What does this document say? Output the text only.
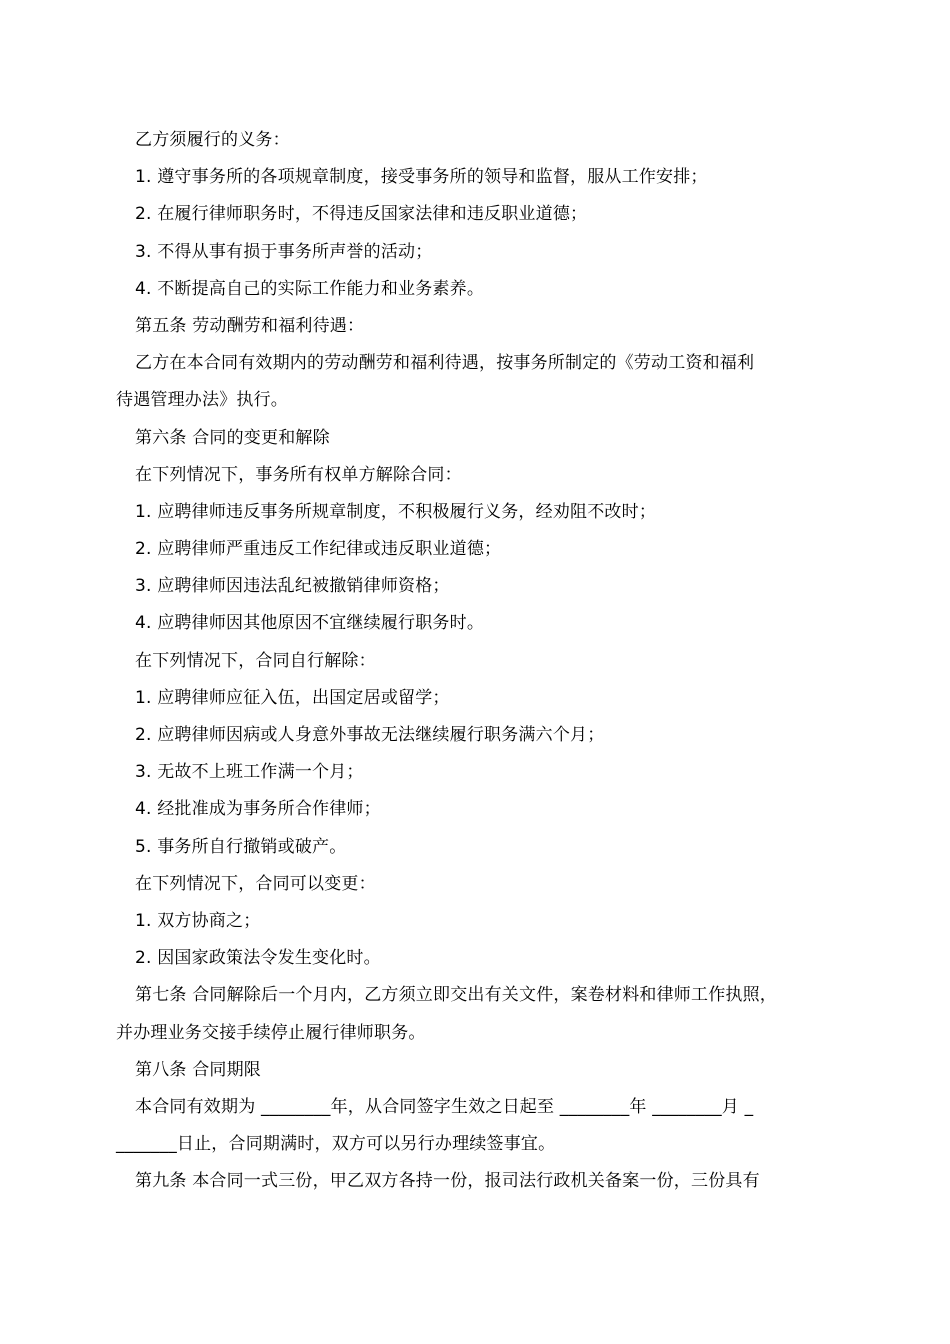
乙方须履行的义务：
1. 遵守事务所的各项规章制度，接受事务所的领导和监督，服从工作安排；
2. 在履行律师职务时，不得违反国家法律和违反职业道德；
3. 不得从事有损于事务所声誉的活动；
4. 不断提高自己的实际工作能力和业务素养。
第五条 劳动酬劳和福利待遇：
乙方在本合同有效期内的劳动酬劳和福利待遇，按事务所制定的《劳动工资和福利
待遇管理办法》执行。
第六条 合同的变更和解除
在下列情况下，事务所有权单方解除合同：
1. 应聘律师违反事务所规章制度，不积极履行义务，经劝阻不改时；
2. 应聘律师严重违反工作纪律或违反职业道德；
3. 应聘律师因违法乱纪被撤销律师资格；
4. 应聘律师因其他原因不宜继续履行职务时。
在下列情况下，合同自行解除：
1. 应聘律师应征入伍，出国定居或留学；
2. 应聘律师因病或人身意外事故无法继续履行职务满六个月；
3. 无故不上班工作满一个月；
4. 经批准成为事务所合作律师；
5. 事务所自行撤销或破产。
在下列情况下，合同可以变更：
1. 双方协商之；
2. 因国家政策法令发生变化时。
第七条 合同解除后一个月内，乙方须立即交出有关文件，案卷材料和律师工作执照，
并办理业务交接手续停止履行律师职务。
第八条 合同期限
本合同有效期为 ________年，从合同签字生效之日起至 ________年 ________月 _
_______日止，合同期满时，双方可以另行办理续签事宜。
第九条 本合同一式三份，甲乙双方各持一份，报司法行政机关备案一份，三份具有
